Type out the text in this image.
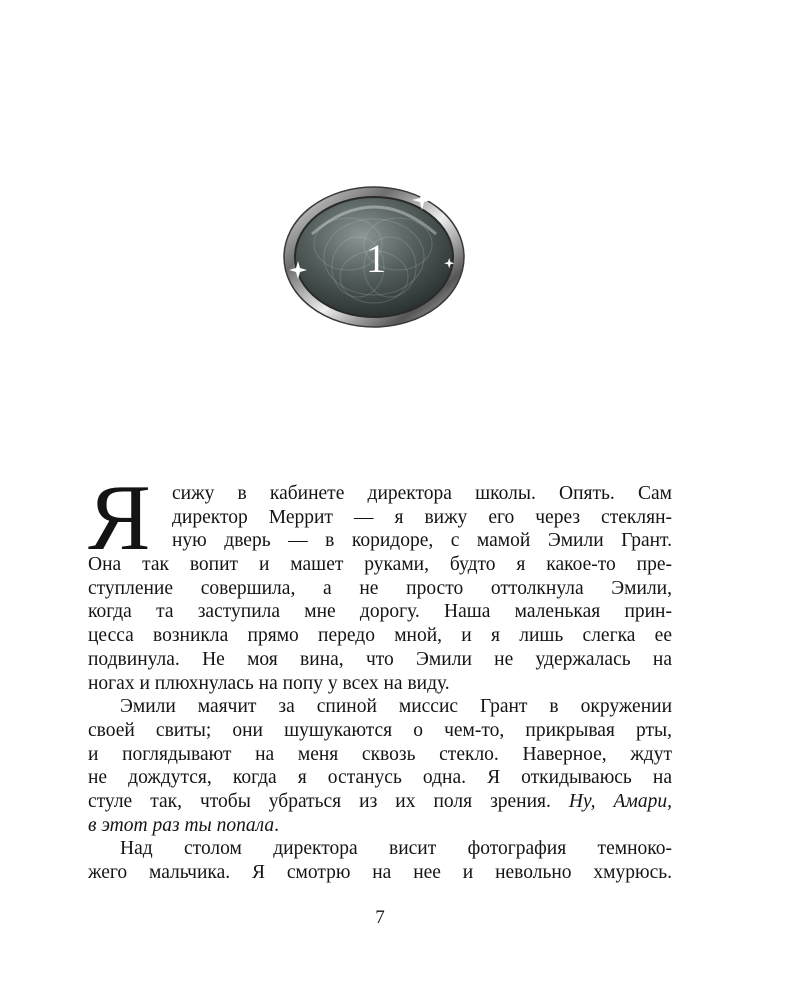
1
Я сижу в кабинете директора школы. Опять. Сам
директор Меррит — я вижу его через стеклян-
ную дверь — в коридоре, с мамой Эмили Грант.
Она так вопит и машет руками, будто я какое-то пре-
ступление совершила, а не просто оттолкнула Эмили,
когда та заступила мне дорогу. Наша маленькая прин-
цесса возникла прямо передо мной, и я лишь слегка ее
подвинула. Не моя вина, что Эмили не удержалась на
ногах и плюхнулась на попу у всех на виду.
Эмили маячит за спиной миссис Грант в окружении
своей свиты; они шушукаются о чем-то, прикрывая рты,
и поглядывают на меня сквозь стекло. Наверное, ждут
не дождутся, когда я останусь одна. Я откидываюсь на
стуле так, чтобы убраться из их поля зрения. Ну, Амари,
в этот раз ты попала.
Над столом директора висит фотография темноко-
жего мальчика. Я смотрю на нее и невольно хмурюсь.
7
